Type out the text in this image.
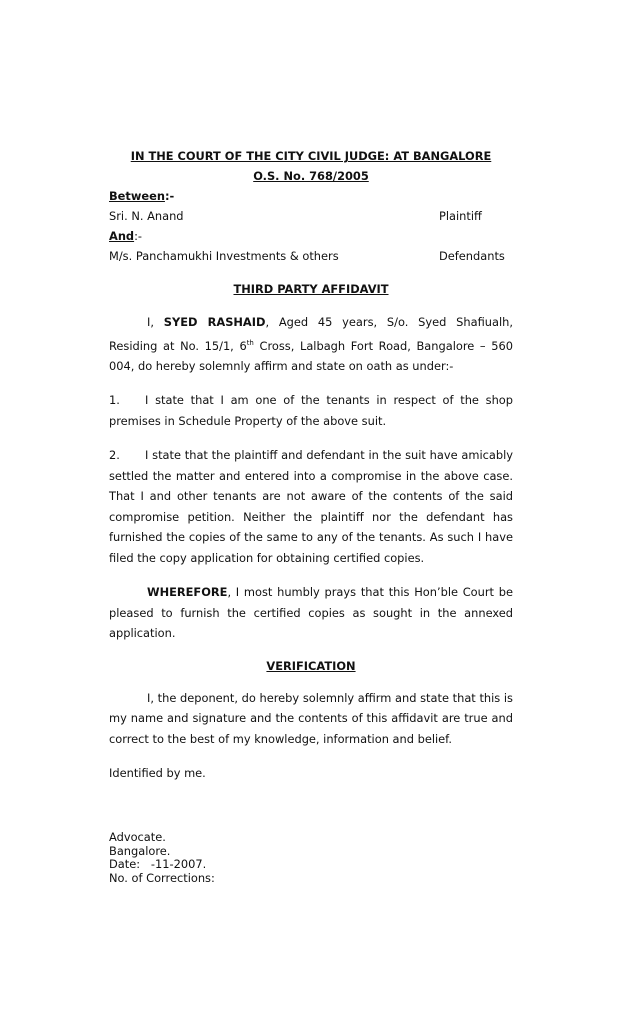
IN THE COURT OF THE CITY CIVIL JUDGE: AT BANGALORE
O.S. No. 768/2005
Between:-
Sri. N. Anand	Plaintiff
And:-
M/s. Panchamukhi Investments & others	Defendants
THIRD PARTY AFFIDAVIT

I, SYED RASHAID, Aged 45 years, S/o. Syed Shafiualh, Residing at No. 15/1, 6th Cross, Lalbagh Fort Road, Bangalore – 560 004, do hereby solemnly affirm and state on oath as under:-

1. I state that I am one of the tenants in respect of the shop premises in Schedule Property of the above suit.

2. I state that the plaintiff and defendant in the suit have amicably settled the matter and entered into a compromise in the above case. That I and other tenants are not aware of the contents of the said compromise petition. Neither the plaintiff nor the defendant has furnished the copies of the same to any of the tenants. As such I have filed the copy application for obtaining certified copies.

WHEREFORE, I most humbly prays that this Hon’ble Court be pleased to furnish the certified copies as sought in the annexed application.

VERIFICATION

I, the deponent, do hereby solemnly affirm and state that this is my name and signature and the contents of this affidavit are true and correct to the best of my knowledge, information and belief.

Identified by me.
Advocate.
Bangalore.
Date:   -11-2007.
No. of Corrections:
